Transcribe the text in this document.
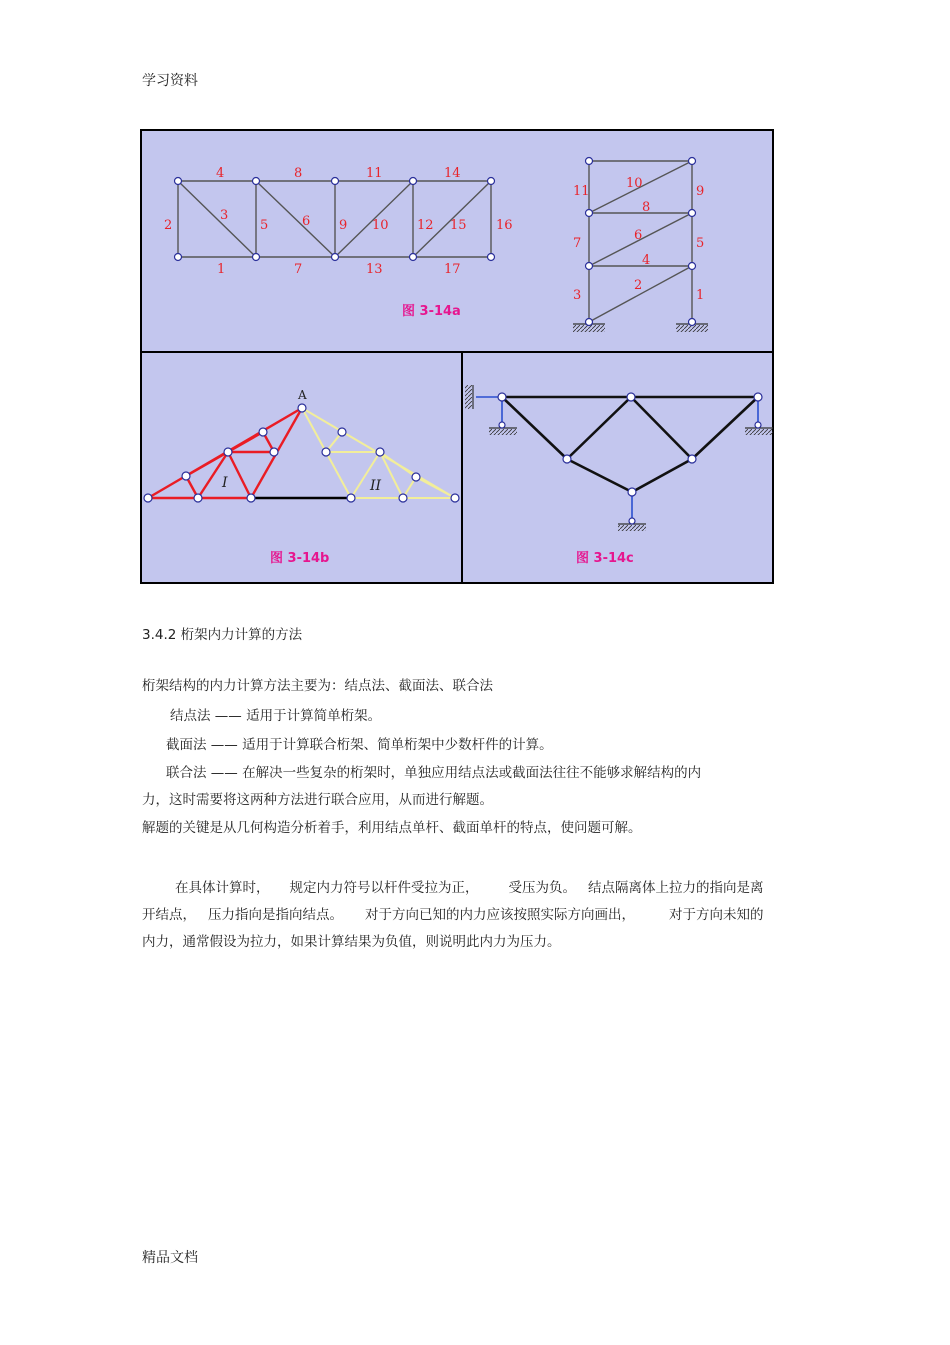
学习资料
4	8	11	14
2
3
5	6 9 10 12 15 16
1	7	13	17
图 3-14a
11
10
9
8
7
6
5
4
3
2
1
A
I	II
图 3-14b	图 3-14c
3.4.2 桁架内力计算的方法
桁架结构的内力计算方法主要为：结点法、截面法、联合法
结点法 —— 适用于计算简单桁架。
截面法 —— 适用于计算联合桁架、简单桁架中少数杆件的计算。
联合法 —— 在解决一些复杂的桁架时，单独应用结点法或截面法往往不能够求解结构的内
力，这时需要将这两种方法进行联合应用，从而进行解题。
解题的关键是从几何构造分析着手，利用结点单杆、截面单杆的特点，使问题可解。
在具体计算时， 规定内力符号以杆件受拉为正， 受压为负。 结点隔离体上拉力的指向是离
开结点， 压力指向是指向结点。 对于方向已知的内力应该按照实际方向画出，	对于方向未知的
内力，通常假设为拉力，如果计算结果为负值，则说明此内力为压力。
精品文档
